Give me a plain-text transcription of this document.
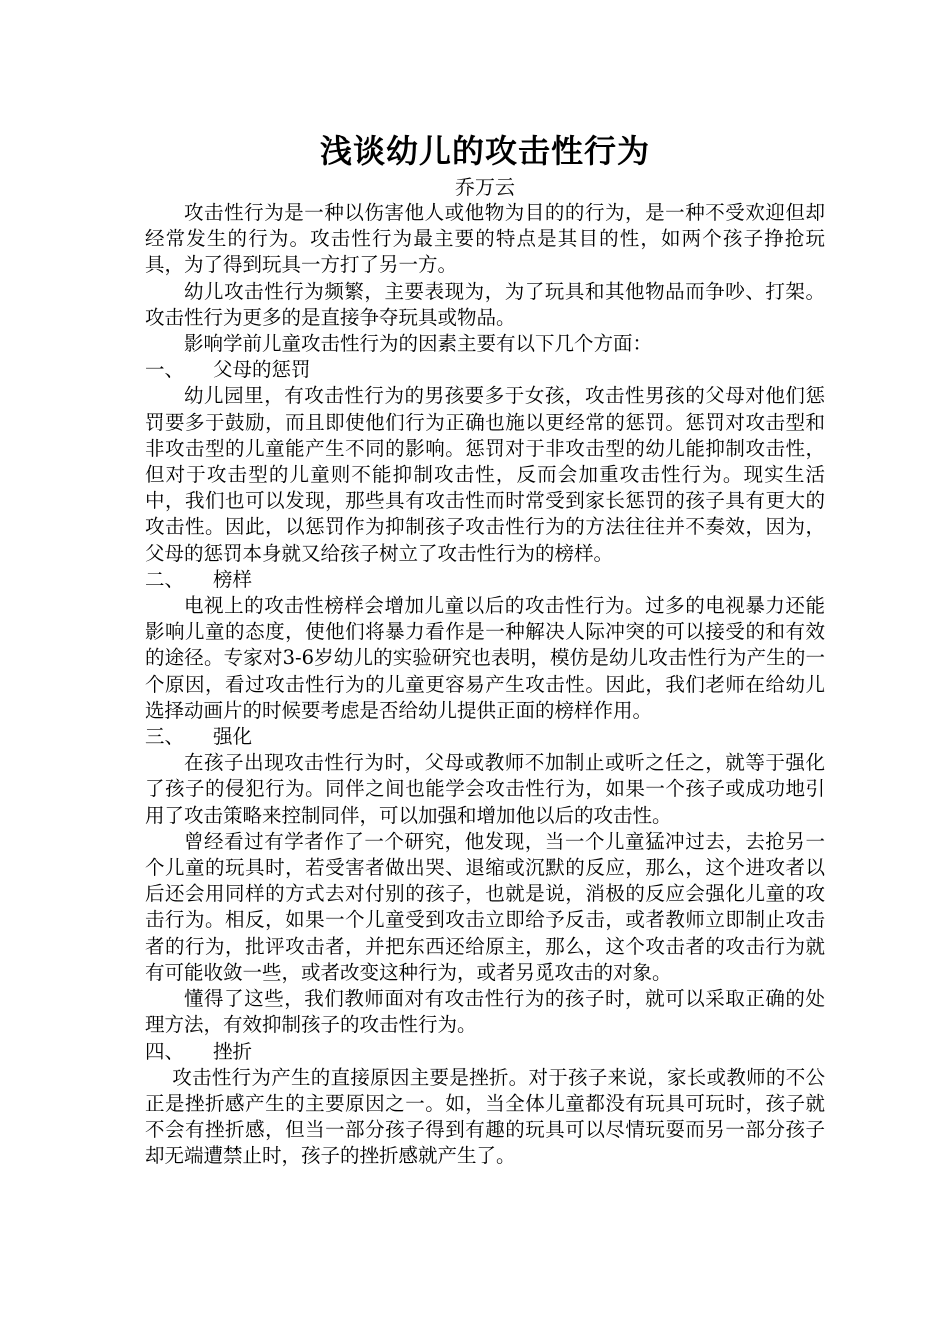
浅谈幼儿的攻击性行为

乔万云

攻击性行为是一种以伤害他人或他物为目的的行为，是一种不受欢迎但却经常发生的行为。攻击性行为最主要的特点是其目的性，如两个孩子挣抢玩具，为了得到玩具一方打了另一方。

幼儿攻击性行为频繁，主要表现为，为了玩具和其他物品而争吵、打架。攻击性行为更多的是直接争夺玩具或物品。

影响学前儿童攻击性行为的因素主要有以下几个方面：

一、	父母的惩罚

幼儿园里，有攻击性行为的男孩要多于女孩，攻击性男孩的父母对他们惩罚要多于鼓励，而且即使他们行为正确也施以更经常的惩罚。惩罚对攻击型和非攻击型的儿童能产生不同的影响。惩罚对于非攻击型的幼儿能抑制攻击性，但对于攻击型的儿童则不能抑制攻击性，反而会加重攻击性行为。现实生活中，我们也可以发现，那些具有攻击性而时常受到家长惩罚的孩子具有更大的攻击性。因此，以惩罚作为抑制孩子攻击性行为的方法往往并不奏效，因为，父母的惩罚本身就又给孩子树立了攻击性行为的榜样。

二、	榜样

电视上的攻击性榜样会增加儿童以后的攻击性行为。过多的电视暴力还能影响儿童的态度，使他们将暴力看作是一种解决人际冲突的可以接受的和有效的途径。专家对3-6岁幼儿的实验研究也表明，模仿是幼儿攻击性行为产生的一个原因，看过攻击性行为的儿童更容易产生攻击性。因此，我们老师在给幼儿选择动画片的时候要考虑是否给幼儿提供正面的榜样作用。

三、	强化

在孩子出现攻击性行为时，父母或教师不加制止或听之任之，就等于强化了孩子的侵犯行为。同伴之间也能学会攻击性行为，如果一个孩子或成功地引用了攻击策略来控制同伴，可以加强和增加他以后的攻击性。

曾经看过有学者作了一个研究，他发现，当一个儿童猛冲过去，去抢另一个儿童的玩具时，若受害者做出哭、退缩或沉默的反应，那么，这个进攻者以后还会用同样的方式去对付别的孩子，也就是说，消极的反应会强化儿童的攻击行为。相反，如果一个儿童受到攻击立即给予反击，或者教师立即制止攻击者的行为，批评攻击者，并把东西还给原主，那么，这个攻击者的攻击行为就有可能收敛一些，或者改变这种行为，或者另觅攻击的对象。

懂得了这些，我们教师面对有攻击性行为的孩子时，就可以采取正确的处理方法，有效抑制孩子的攻击性行为。

四、	挫折

攻击性行为产生的直接原因主要是挫折。对于孩子来说，家长或教师的不公正是挫折感产生的主要原因之一。如，当全体儿童都没有玩具可玩时，孩子就不会有挫折感，但当一部分孩子得到有趣的玩具可以尽情玩耍而另一部分孩子却无端遭禁止时，孩子的挫折感就产生了。
